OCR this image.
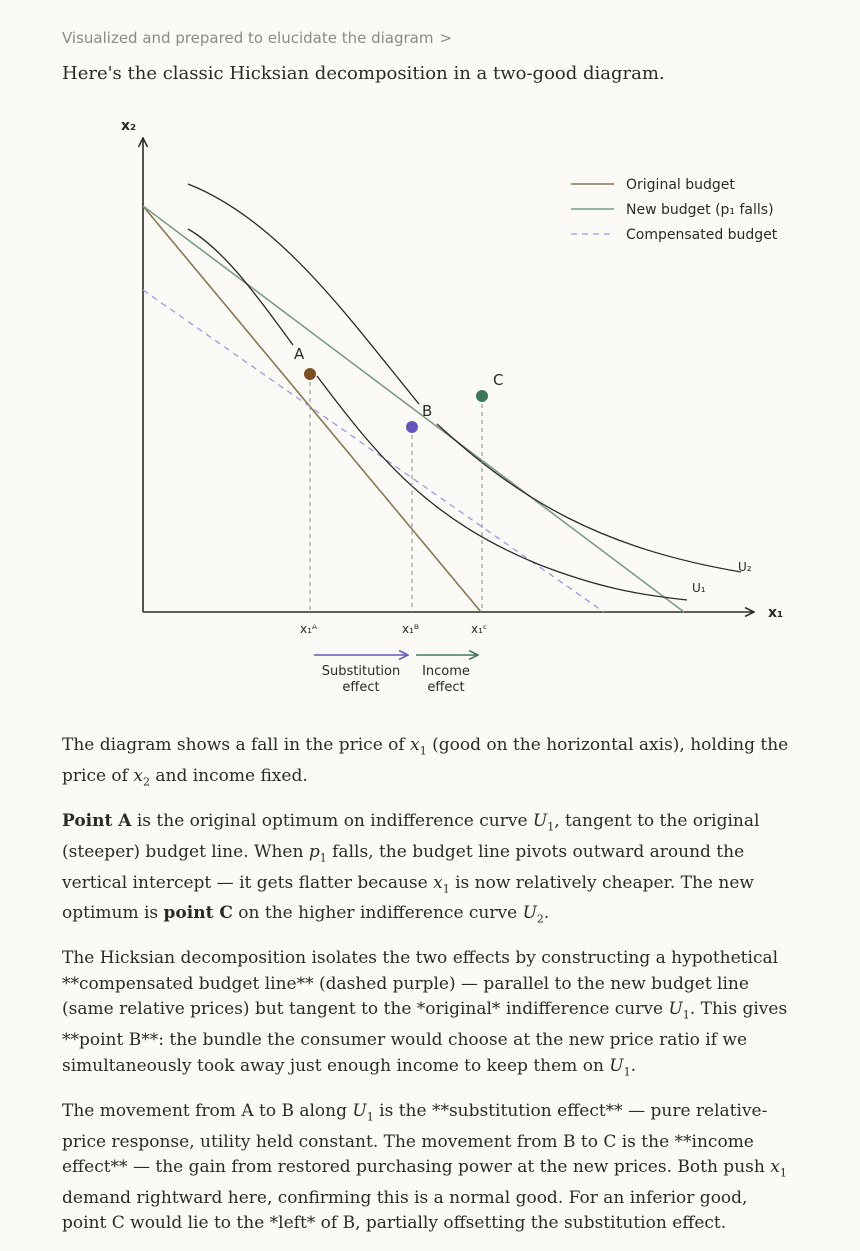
Visualized and prepared to elucidate the diagram >
Here's the classic Hicksian decomposition in a two-good diagram.
x₂
x₁
U₂
U₁
A
B
C
x₁ᴬ	x₁ᴮ	x₁ᶜ
Substitution
effect
Income
effect
Original budget
New budget (p₁ falls)
Compensated budget

The diagram shows a fall in the price of $x_1$ (good on the horizontal axis), holding the price of $x_2$ and income fixed.

Point A is the original optimum on indifference curve $U_1$, tangent to the original (steeper) budget line. When $p_1$ falls, the budget line pivots outward around the vertical intercept — it gets flatter because $x_1$ is now relatively cheaper. The new optimum is point C on the higher indifference curve $U_2$.

The Hicksian decomposition isolates the two effects by constructing a hypothetical **compensated budget line** (dashed purple) — parallel to the new budget line (same relative prices) but tangent to the *original* indifference curve $U_1$. This gives **point B**: the bundle the consumer would choose at the new price ratio if we simultaneously took away just enough income to keep them on $U_1$.

The movement from A to B along $U_1$ is the **substitution effect** — pure relative-price response, utility held constant. The movement from B to C is the **income effect** — the gain from restored purchasing power at the new prices. Both push $x_1$ demand rightward here, confirming this is a normal good. For an inferior good, point C would lie to the *left* of B, partially offsetting the substitution effect.
